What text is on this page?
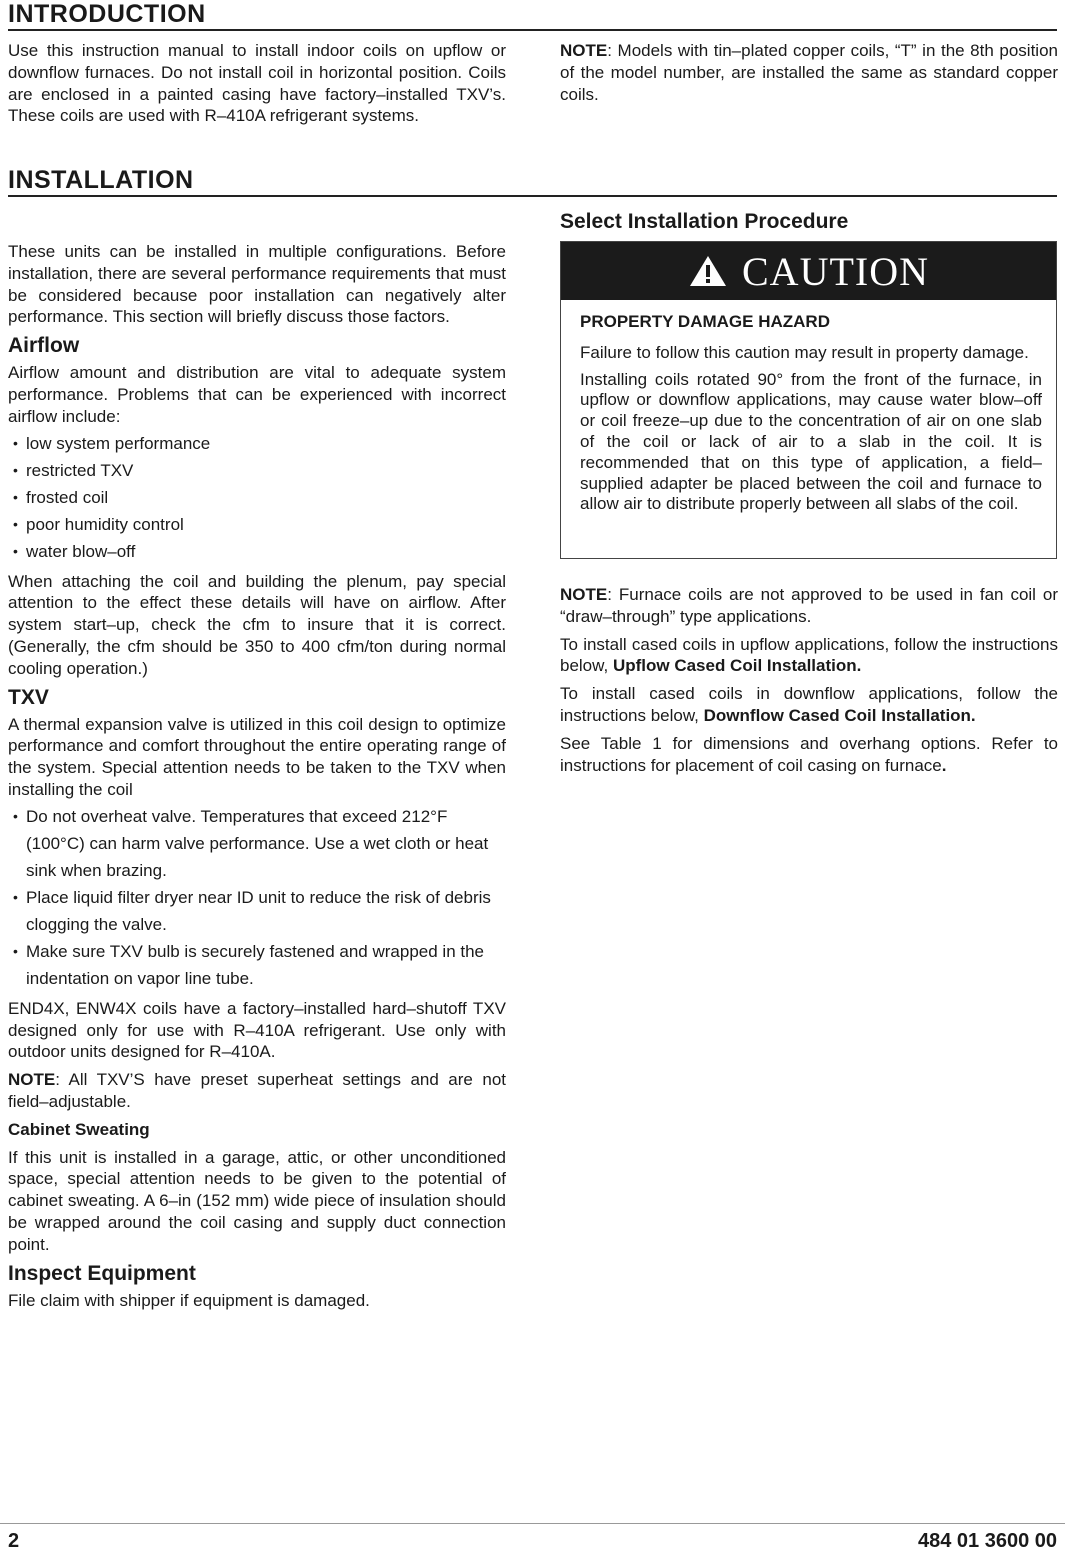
INTRODUCTION

Use this instruction manual to install indoor coils on upflow or downflow furnaces. Do not install coil in horizontal position. Coils are enclosed in a painted casing have factory–installed TXV’s. These coils are used with R–410A refrigerant systems.

NOTE: Models with tin–plated copper coils, “T” in the 8th position of the model number, are installed the same as standard copper coils.

INSTALLATION

These units can be installed in multiple configurations. Before installation, there are several performance requirements that must be considered because poor installation can negatively alter performance. This section will briefly discuss those factors.

Airflow

Airflow amount and distribution are vital to adequate system performance. Problems that can be experienced with incorrect airflow include:

• low system performance
• restricted TXV
• frosted coil
• poor humidity control
• water blow–off

When attaching the coil and building the plenum, pay special attention to the effect these details will have on airflow. After system start–up, check the cfm to insure that it is correct. (Generally, the cfm should be 350 to 400 cfm/ton during normal cooling operation.)

TXV

A thermal expansion valve is utilized in this coil design to optimize performance and comfort throughout the entire operating range of the system. Special attention needs to be taken to the TXV when installing the coil

• Do not overheat valve. Temperatures that exceed 212°F (100°C) can harm valve performance. Use a wet cloth or heat sink when brazing.
• Place liquid filter dryer near ID unit to reduce the risk of debris clogging the valve.
• Make sure TXV bulb is securely fastened and wrapped in the indentation on vapor line tube.

END4X, ENW4X coils have a factory–installed hard–shutoff TXV designed only for use with R–410A refrigerant. Use only with outdoor units designed for R–410A.

NOTE: All TXV’S have preset superheat settings and are not field–adjustable.

Cabinet Sweating

If this unit is installed in a garage, attic, or other unconditioned space, special attention needs to be given to the potential of cabinet sweating. A 6–in (152 mm) wide piece of insulation should be wrapped around the coil casing and supply duct connection point.

Inspect Equipment

File claim with shipper if equipment is damaged.

Select Installation Procedure
CAUTION

PROPERTY DAMAGE HAZARD

Failure to follow this caution may result in property damage.

Installing coils rotated 90° from the front of the furnace, in upflow or downflow applications, may cause water blow–off or coil freeze–up due to the concentration of air on one slab of the coil or lack of air to a slab in the coil. It is recommended that on this type of application, a field–supplied adapter be placed between the coil and furnace to allow air to distribute properly between all slabs of the coil.

NOTE: Furnace coils are not approved to be used in fan coil or “draw–through” type applications.

To install cased coils in upflow applications, follow the instructions below, Upflow Cased Coil Installation.

To install cased coils in downflow applications, follow the instructions below, Downflow Cased Coil Installation.

See Table 1 for dimensions and overhang options. Refer to instructions for placement of coil casing on furnace.

2	484 01 3600 00
